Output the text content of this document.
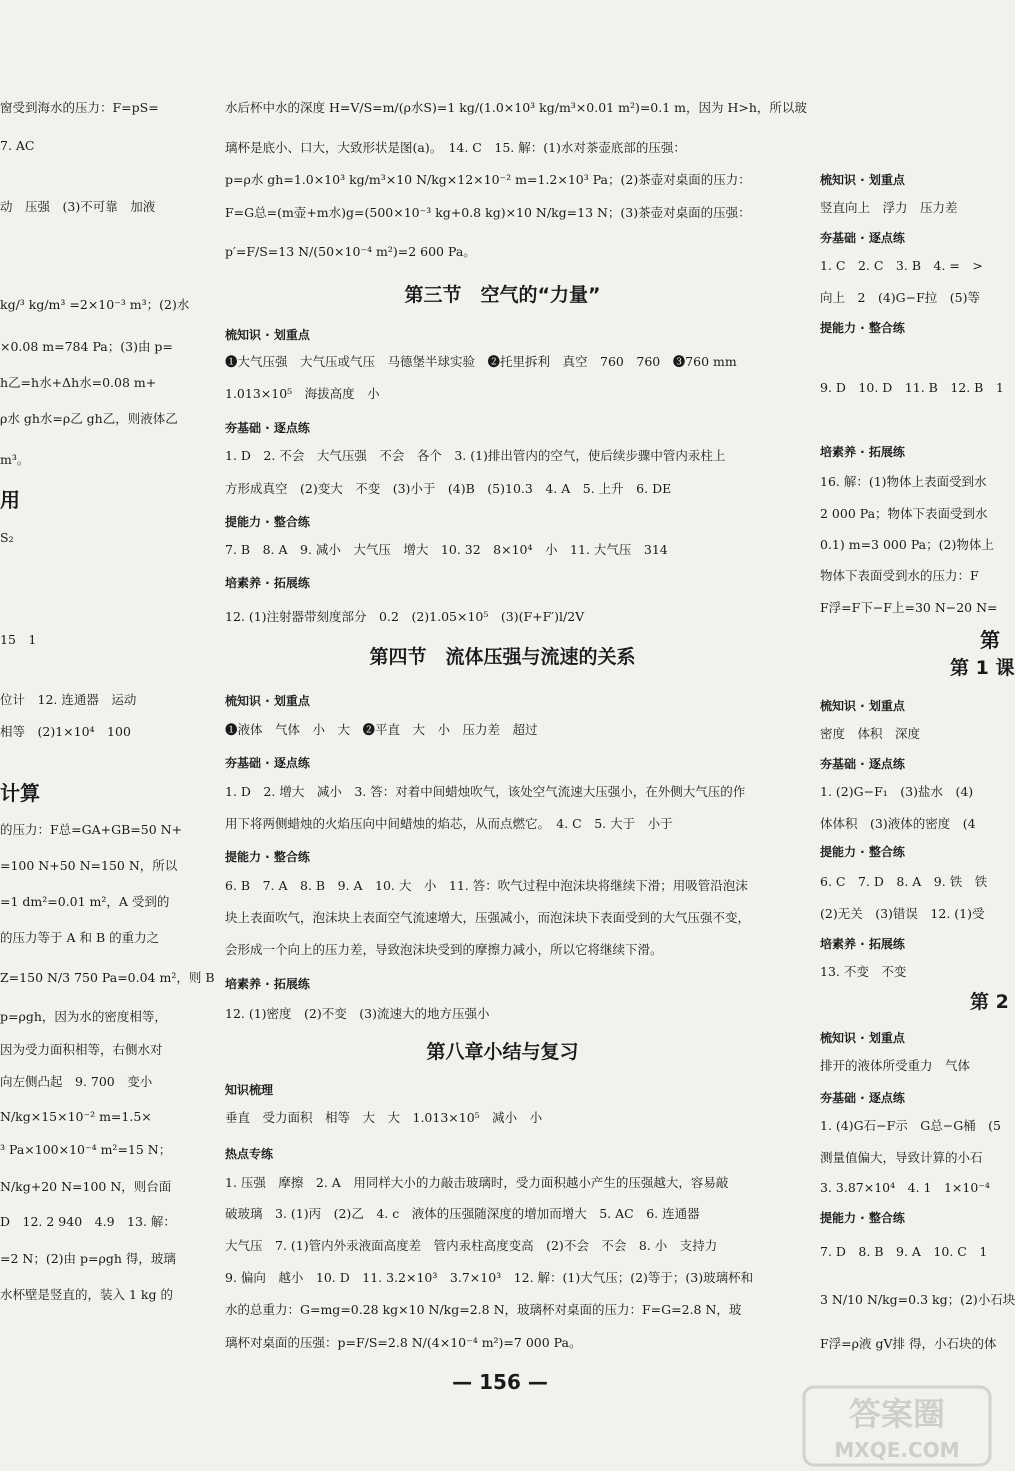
窗受到海水的压力：F=pS=
7. AC
动　压强　(3)不可靠　加液
kg/³ kg/m³ =2×10⁻³ m³；(2)水
×0.08 m=784 Pa；(3)由 p=
h乙=h水+Δh水=0.08 m+
ρ水 gh水=ρ乙 gh乙，则液体乙
m³。
用
S₂
15　1
位计　12. 连通器　运动
相等　(2)1×10⁴　100
计算
的压力：F总=GA+GB=50 N+
=100 N+50 N=150 N，所以
=1 dm²=0.01 m²，A 受到的
的压力等于 A 和 B 的重力之
Z=150 N/3 750 Pa=0.04 m²，则 B
p=ρgh，因为水的密度相等，
因为受力面积相等，右侧水对
向左侧凸起　9. 700　变小
N/kg×15×10⁻² m=1.5×
³ Pa×100×10⁻⁴ m²=15 N；
N/kg+20 N=100 N，则台面
D　12. 2 940　4.9　13. 解：
=2 N；(2)由 p=ρgh 得，玻璃
水杯壁是竖直的，装入 1 kg 的
水后杯中水的深度 H=V/S=m/(ρ水S)=1 kg/(1.0×10³ kg/m³×0.01 m²)=0.1 m，因为 H>h，所以玻
璃杯是底小、口大，大致形状是图(a)。　14. C　15. 解：(1)水对茶壶底部的压强：
p=ρ水 gh=1.0×10³ kg/m³×10 N/kg×12×10⁻² m=1.2×10³ Pa；(2)茶壶对桌面的压力：
F=G总=(m壶+m水)g=(500×10⁻³ kg+0.8 kg)×10 N/kg=13 N；(3)茶壶对桌面的压强：
p′=F/S=13 N/(50×10⁻⁴ m²)=2 600 Pa。
第三节　空气的“力量”
梳知识 · 划重点
❶大气压强　大气压或气压　马德堡半球实验　❷托里拆利　真空　760　760　❸760 mm
1.013×10⁵　海拔高度　小
夯基础 · 逐点练
1. D　2. 不会　大气压强　不会　各个　3. (1)排出管内的空气，使后续步骤中管内汞柱上
方形成真空　(2)变大　不变　(3)小于　(4)B　(5)10.3　4. A　5. 上升　6. DE
提能力 · 整合练
7. B　8. A　9. 减小　大气压　增大　10. 32　8×10⁴　小　11. 大气压　314
培素养 · 拓展练
12. (1)注射器带刻度部分　0.2　(2)1.05×10⁵　(3)(F+F′)l/2V
第四节　流体压强与流速的关系
梳知识 · 划重点
❶液体　气体　小　大　❷平直　大　小　压力差　超过
夯基础 · 逐点练
1. D　2. 增大　减小　3. 答：对着中间蜡烛吹气，该处空气流速大压强小，在外侧大气压的作
用下将两侧蜡烛的火焰压向中间蜡烛的焰芯，从而点燃它。　4. C　5. 大于　小于
提能力 · 整合练
6. B　7. A　8. B　9. A　10. 大　小　11. 答：吹气过程中泡沫块将继续下滑；用吸管沿泡沫
块上表面吹气，泡沫块上表面空气流速增大，压强减小，而泡沫块下表面受到的大气压强不变，
会形成一个向上的压力差，导致泡沫块受到的摩擦力减小，所以它将继续下滑。
培素养 · 拓展练
12. (1)密度　(2)不变　(3)流速大的地方压强小
第八章小结与复习
知识梳理
垂直　受力面积　相等　大　大　1.013×10⁵　减小　小
热点专练
1. 压强　摩擦　2. A　用同样大小的力敲击玻璃时，受力面积越小产生的压强越大，容易敲
破玻璃　3. (1)丙　(2)乙　4. c　液体的压强随深度的增加而增大　5. AC　6. 连通器
大气压　7. (1)管内外汞液面高度差　管内汞柱高度变高　(2)不会　不会　8. 小　支持力
9. 偏向　越小　10. D　11. 3.2×10³　3.7×10³　12. 解：(1)大气压；(2)等于；(3)玻璃杯和
水的总重力：G=mg=0.28 kg×10 N/kg=2.8 N，玻璃杯对桌面的压力：F=G=2.8 N，玻
璃杯对桌面的压强：p=F/S=2.8 N/(4×10⁻⁴ m²)=7 000 Pa。
梳知识 · 划重点
竖直向上　浮力　压力差
夯基础 · 逐点练
1. C　2. C　3. B　4. =　>
向上　2　(4)G−F拉　(5)等
提能力 · 整合练
9. D　10. D　11. B　12. B　1
培素养 · 拓展练
16. 解：(1)物体上表面受到水
2 000 Pa；物体下表面受到水
0.1) m=3 000 Pa；(2)物体上
物体下表面受到水的压力：F
F浮=F下−F上=30 N−20 N=
第
第 1 课
梳知识 · 划重点
密度　体积　深度
夯基础 · 逐点练
1. (2)G−F₁　(3)盐水　(4)
体体积　(3)液体的密度　(4
提能力 · 整合练
6. C　7. D　8. A　9. 铁　铁
(2)无关　(3)错误　12. (1)受
培素养 · 拓展练
13. 不变　不变
第 2
梳知识 · 划重点
排开的液体所受重力　气体
夯基础 · 逐点练
1. (4)G石−F示　G总−G桶　(5
测量值偏大，导致计算的小石
3. 3.87×10⁴　4. 1　1×10⁻⁴
提能力 · 整合练
7. D　8. B　9. A　10. C　1
3 N/10 N/kg=0.3 kg；(2)小石块
F浮=ρ液 gV排 得，小石块的体
— 156 —
答案圈
MXQE.COM
